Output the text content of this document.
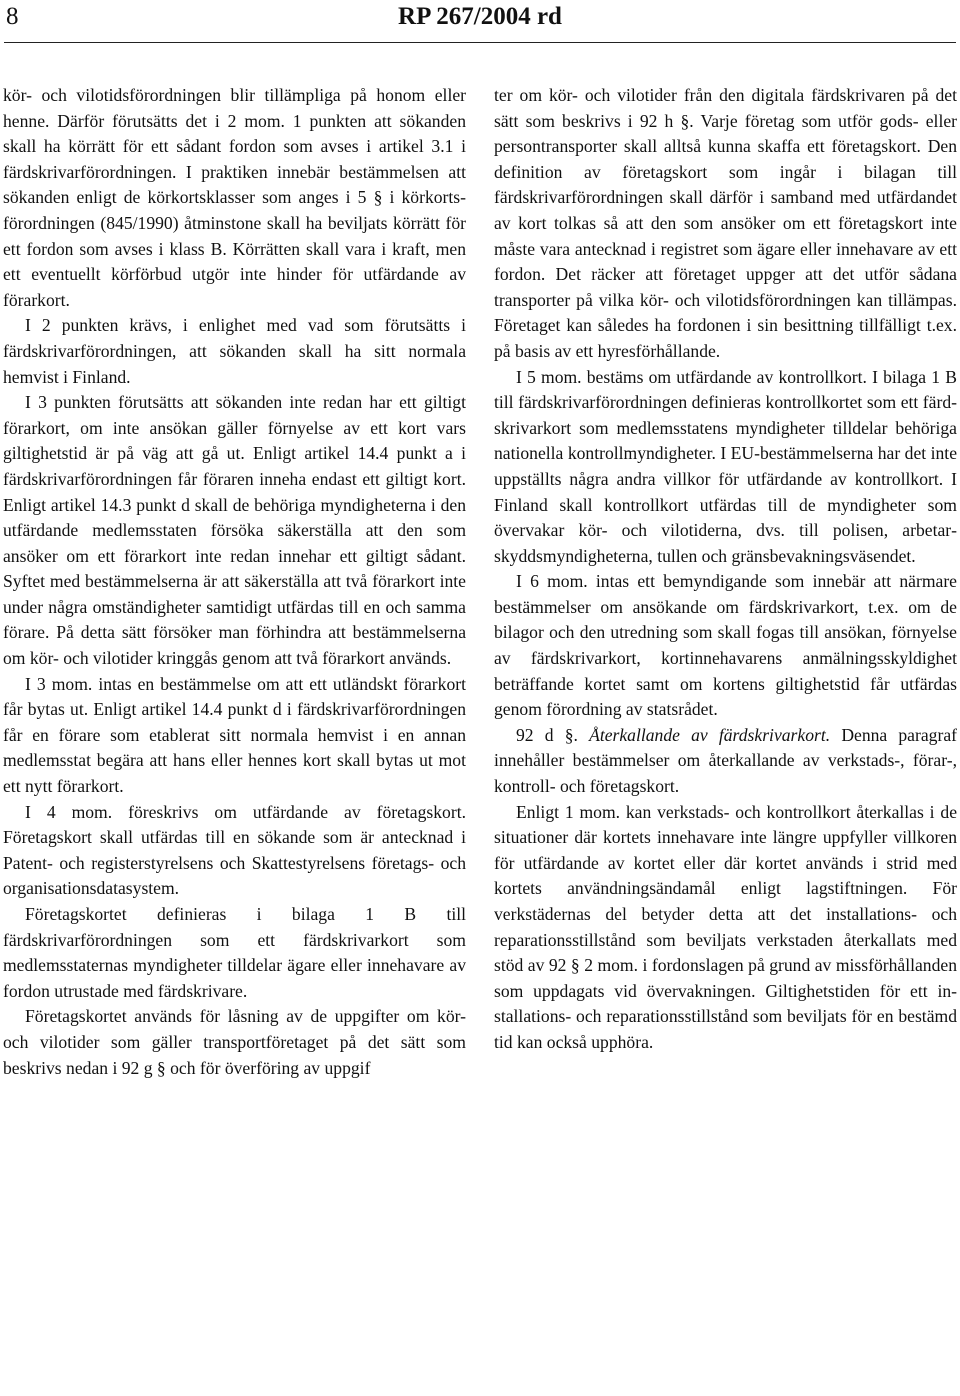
8	RP 267/2004 rd

kör- och vilotidsförordningen blir tillämpliga på honom eller henne. Därför förutsätts det i 2 mom. 1 punkten att sökanden skall ha körrätt för ett sådant fordon som avses i artikel 3.1 i färdskrivarförordningen. I praktiken innebär bestämmelsen att sökanden enligt de körkortsklasser som anges i 5 § i körkortsförordningen (845/1990) åtminstone skall ha beviljats körrätt för ett fordon som avses i klass B. Körrätten skall vara i kraft, men ett eventuellt körförbud utgör inte hinder för utfärdande av förarkort.

I 2 punkten krävs, i enlighet med vad som förutsätts i färdskrivarförordningen, att sökanden skall ha sitt normala hemvist i Finland.

I 3 punkten förutsätts att sökanden inte redan har ett giltigt förarkort, om inte ansökan gäller förnyelse av ett kort vars giltighetstid är på väg att gå ut. Enligt artikel 14.4 punkt a i färdskrivarförordningen får föraren inneha endast ett giltigt kort. Enligt artikel 14.3 punkt d skall de behöriga myndigheterna i den utfärdande medlemsstaten försöka säkerställa att den som ansöker om ett förarkort inte redan innehar ett giltigt sådant. Syftet med bestämmelserna är att säkerställa att två förarkort inte under några omständigheter samtidigt utfärdas till en och samma förare. På detta sätt försöker man förhindra att bestämmelserna om kör- och vilotider kringgås genom att två förarkort används.

I 3 mom. intas en bestämmelse om att ett utländskt förarkort får bytas ut. Enligt artikel 14.4 punkt d i färdskrivarförordningen får en förare som etablerat sitt normala hemvist i en annan medlemsstat begära att hans eller hennes kort skall bytas ut mot ett nytt förarkort.

I 4 mom. föreskrivs om utfärdande av företagskort. Företagskort skall utfärdas till en sökande som är antecknad i Patent- och registerstyrelsens och Skattestyrelsens företags- och organisationsdatasystem.

Företagskortet definieras i bilaga 1 B till färdskrivarförordningen som ett färdskrivarkort som medlemsstaternas myndigheter tilldelar ägare eller innehavare av fordon utrustade med färdskrivare.

Företagskortet används för låsning av de uppgifter om kör- och vilotider som gäller transportföretaget på det sätt som beskrivs nedan i 92 g § och för överföring av uppgif

ter om kör- och vilotider från den digitala färdskrivaren på det sätt som beskrivs i 92 h §. Varje företag som utför gods- eller persontransporter skall alltså kunna skaffa ett företagskort. Den definition av företagskort som ingår i bilagan till färdskrivarförordningen skall därför i samband med utfärdandet av kort tolkas så att den som ansöker om ett företagskort inte måste vara antecknad i registret som ägare eller innehavare av ett fordon. Det räcker att företaget uppger att det utför sådana transporter på vilka kör- och vilotidsförordningen kan tillämpas. Företaget kan således ha fordonen i sin besittning tillfälligt t.ex. på basis av ett hyresförhållande.

I 5 mom. bestäms om utfärdande av kontrollkort. I bilaga 1 B till färdskrivarförordningen definieras kontrollkortet som ett färdskrivarkort som medlemsstatens myndigheter tilldelar behöriga nationella kontrollmyndigheter. I EU-bestämmelserna har det inte uppställts några andra villkor för utfärdande av kontrollkort. I Finland skall kontrollkort utfärdas till de myndigheter som övervakar kör- och vilotiderna, dvs. till polisen, arbetarskyddsmyndigheterna, tullen och gränsbevakningsväsendet.

I 6 mom. intas ett bemyndigande som innebär att närmare bestämmelser om ansökande om färdskrivarkort, t.ex. om de bilagor och den utredning som skall fogas till ansökan, förnyelse av färdskrivarkort, kortinnehavarens anmälningsskyldighet beträffande kortet samt om kortens giltighetstid får utfärdas genom förordning av statsrådet.

92 d §. Återkallande av färdskrivarkort. Denna paragraf innehåller bestämmelser om återkallande av verkstads-, förar-, kontroll- och företagskort.

Enligt 1 mom. kan verkstads- och kontrollkort återkallas i de situationer där kortets innehavare inte längre uppfyller villkoren för utfärdande av kortet eller där kortet används i strid med kortets användningsändamål enligt lagstiftningen. För verkstädernas del betyder detta att det installations- och reparationsstillstånd som beviljats verkstaden återkallats med stöd av 92 § 2 mom. i fordonslagen på grund av missförhållanden som uppdagats vid övervakningen. Giltighetstiden för ett installations- och reparationsstillstånd som beviljats för en bestämd tid kan också upphöra.
